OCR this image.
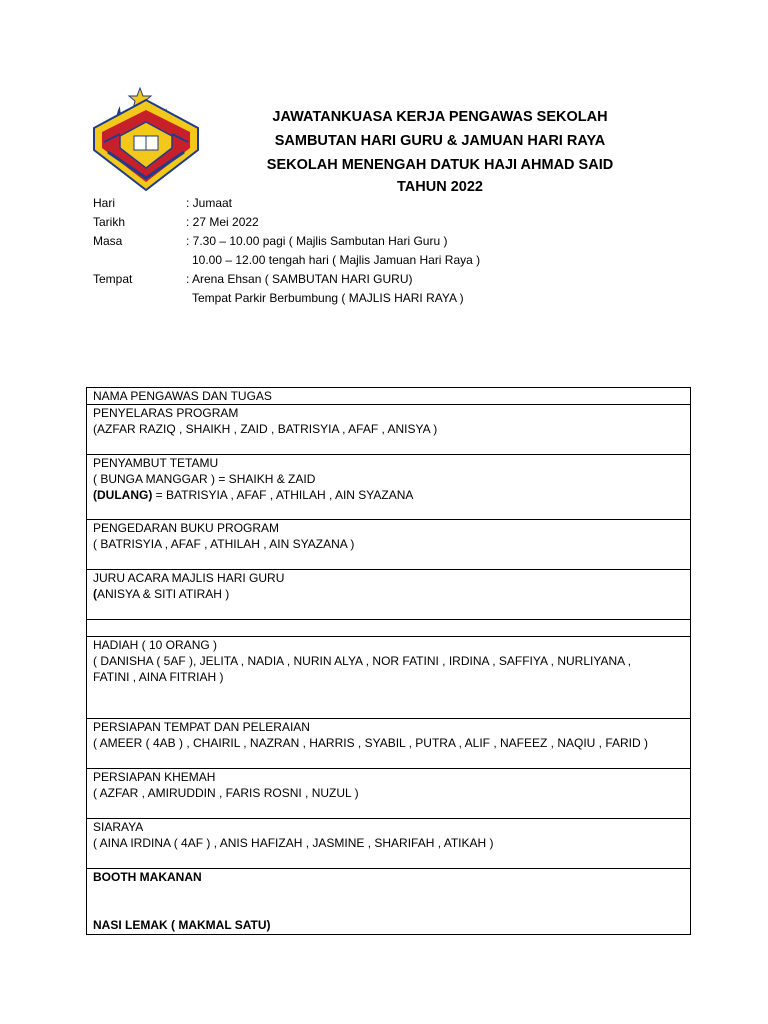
JAWATANKUASA KERJA PENGAWAS SEKOLAH
SAMBUTAN HARI GURU & JAMUAN HARI RAYA
SEKOLAH MENENGAH DATUK HAJI AHMAD SAID
TAHUN 2022
Hari	: Jumaat
Tarikh	: 27 Mei 2022
Masa	: 7.30 – 10.00 pagi ( Majlis Sambutan Hari Guru )
10.00 – 12.00 tengah hari ( Majlis Jamuan Hari Raya )
Tempat	: Arena Ehsan ( SAMBUTAN HARI GURU)
Tempat Parkir Berbumbung ( MAJLIS HARI RAYA )
NAMA PENGAWAS DAN TUGAS

PENYELARAS PROGRAM
(AZFAR RAZIQ , SHAIKH , ZAID , BATRISYIA , AFAF , ANISYA )

PENYAMBUT TETAMU
( BUNGA MANGGAR ) = SHAIKH & ZAID
(DULANG) = BATRISYIA , AFAF , ATHILAH , AIN SYAZANA

PENGEDARAN BUKU PROGRAM
( BATRISYIA , AFAF , ATHILAH , AIN SYAZANA )

JURU ACARA MAJLIS HARI GURU
(ANISYA & SITI ATIRAH )

HADIAH ( 10 ORANG )
( DANISHA ( 5AF ), JELITA , NADIA , NURIN ALYA , NOR FATINI , IRDINA , SAFFIYA , NURLIYANA ,
FATINI , AINA FITRIAH )

PERSIAPAN TEMPAT DAN PELERAIAN
( AMEER ( 4AB ) , CHAIRIL , NAZRAN , HARRIS , SYABIL , PUTRA , ALIF , NAFEEZ , NAQIU , FARID )

PERSIAPAN KHEMAH
( AZFAR , AMIRUDDIN , FARIS ROSNI , NUZUL )

SIARAYA
( AINA IRDINA ( 4AF ) , ANIS HAFIZAH , JASMINE , SHARIFAH , ATIKAH )

BOOTH MAKANAN
NASI LEMAK ( MAKMAL SATU)
